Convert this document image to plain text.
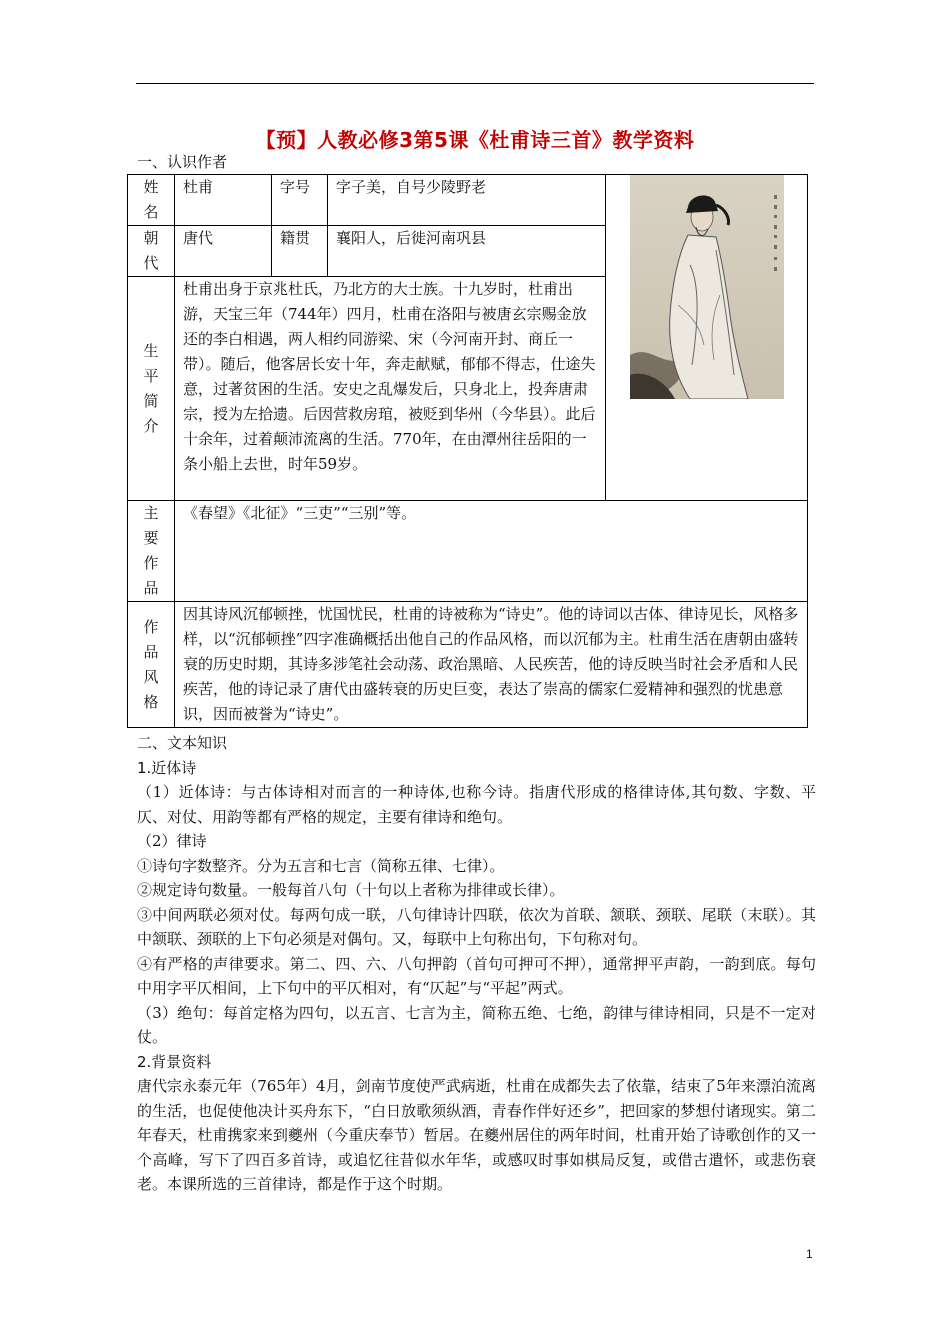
【预】人教必修3第5课《杜甫诗三首》教学资料
一、认识作者
姓名	杜甫	字号	字子美，自号少陵野老	

朝代	唐代	籍贯	襄阳人，后徙河南巩县	
生平简介	杜甫出身于京兆杜氏，乃北方的大士族。十九岁时，杜甫出游，天宝三年（744年）四月，杜甫在洛阳与被唐玄宗赐金放还的李白相遇，两人相约同游梁、宋（今河南开封、商丘一带）。随后，他客居长安十年，奔走献赋，郁郁不得志，仕途失意，过著贫困的生活。安史之乱爆发后，只身北上，投奔唐肃宗，授为左拾遗。后因营救房琯，被贬到华州（今华县）。此后十余年，过着颠沛流离的生活。770年，在由潭州往岳阳的一条小船上去世，时年59岁。			
主要作品	《春望》《北征》“三吏”“三别”等。			
作品风格	因其诗风沉郁顿挫，忧国忧民，杜甫的诗被称为“诗史”。他的诗词以古体、律诗见长，风格多样，以“沉郁顿挫”四字准确概括出他自己的作品风格，而以沉郁为主。杜甫生活在唐朝由盛转衰的历史时期，其诗多涉笔社会动荡、政治黑暗、人民疾苦，他的诗反映当时社会矛盾和人民疾苦，他的诗记录了唐代由盛转衰的历史巨变，表达了崇高的儒家仁爱精神和强烈的忧患意识，因而被誉为“诗史”。			

二、文本知识

1.近体诗

（1）近体诗：与古体诗相对而言的一种诗体,也称今诗。指唐代形成的格律诗体,其句数、字数、平仄、对仗、用韵等都有严格的规定，主要有律诗和绝句。

（2）律诗

①诗句字数整齐。分为五言和七言（简称五律、七律）。

②规定诗句数量。一般每首八句（十句以上者称为排律或长律）。

③中间两联必须对仗。每两句成一联，八句律诗计四联，依次为首联、颔联、颈联、尾联（末联）。其中颔联、颈联的上下句必须是对偶句。又，每联中上句称出句，下句称对句。

④有严格的声律要求。第二、四、六、八句押韵（首句可押可不押），通常押平声韵，一韵到底。每句中用字平仄相间，上下句中的平仄相对，有“仄起”与“平起”两式。

（3）绝句：每首定格为四句，以五言、七言为主，简称五绝、七绝，韵律与律诗相同，只是不一定对仗。

2.背景资料

唐代宗永泰元年（765年）4月，剑南节度使严武病逝，杜甫在成都失去了依靠，结束了5年来漂泊流离的生活，也促使他决计买舟东下，“白日放歌须纵酒，青春作伴好还乡”，把回家的梦想付诸现实。第二年春天，杜甫携家来到夔州（今重庆奉节）暂居。在夔州居住的两年时间，杜甫开始了诗歌创作的又一个高峰，写下了四百多首诗，或追忆往昔似水年华，或感叹时事如棋局反复，或借古遣怀，或悲伤衰老。本课所选的三首律诗，都是作于这个时期。

1
